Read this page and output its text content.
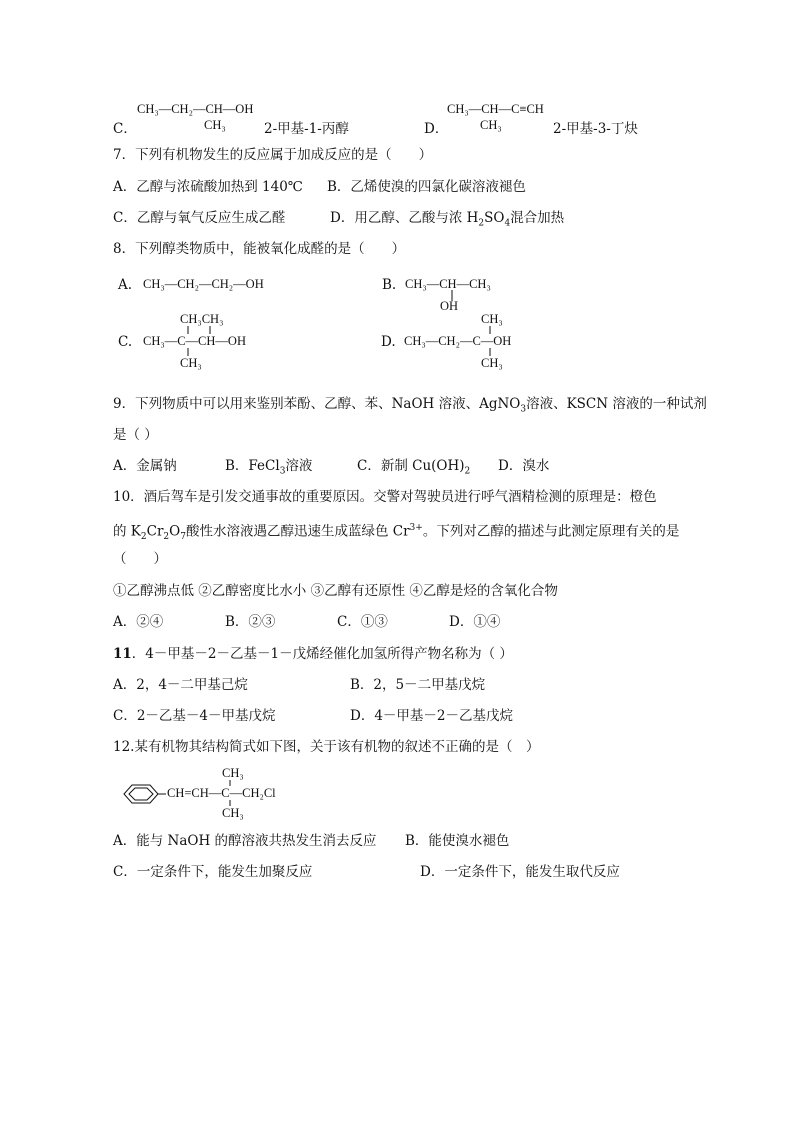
CH₃—CH₂—CH—OH
CH₃
C．	2-甲基-1-丙醇
CH₃—CH—C≡CH
CH₃
D．	2-甲基-3-丁炔
7．下列有机物发生的反应属于加成反应的是（　　）
A．乙醇与浓硫酸加热到 140℃ B．乙烯使溴的四氯化碳溶液褪色
C．乙醇与氧气反应生成乙醛	D．用乙醇、乙酸与浓 $H_2SO_4$混合加热
8．下列醇类物质中，能被氧化成醛的是（　　）
A. CH₃—CH₂—CH₂—OH	B. CH₃—CH—CH₃
OH
C.
CH₃CH₃
CH₃—C—CH—OH
CH₃
D.
CH₃
CH₃—CH₂—C—OH
CH₃
9．下列物质中可以用来鉴别苯酚、乙醇、苯、NaOH 溶液、AgNO$_3$溶液、KSCN 溶液的一种试剂
是（ ）
A．金属钠	B．FeCl$_3$溶液	C．新制 $Cu(OH)_2$ D．溴水
10．酒后驾车是引发交通事故的重要原因。交警对驾驶员进行呼气酒精检测的原理是：橙色
的 $K_2Cr_2O_7$酸性水溶液遇乙醇迅速生成蓝绿色 $Cr^{3+}$。下列对乙醇的描述与此测定原理有关的是
（　　）
①乙醇沸点低 ②乙醇密度比水小 ③乙醇有还原性 ④乙醇是烃的含氧化合物
A．②④	B．②③	C．①③	D．①④
11．4－甲基－2－乙基－1－戊烯经催化加氢所得产物名称为（ ）
A．2，4－二甲基己烷	B．2，5－二甲基戊烷
C．2－乙基－4－甲基戊烷	D．4－甲基－2－乙基戊烷
12.某有机物其结构简式如下图，关于该有机物的叙述不正确的是（　）
CH=CH—C—CH₂Cl
CH₃
CH₃
A．能与 NaOH 的醇溶液共热发生消去反应 B．能使溴水褪色
C．一定条件下，能发生加聚反应	D．一定条件下，能发生取代反应
